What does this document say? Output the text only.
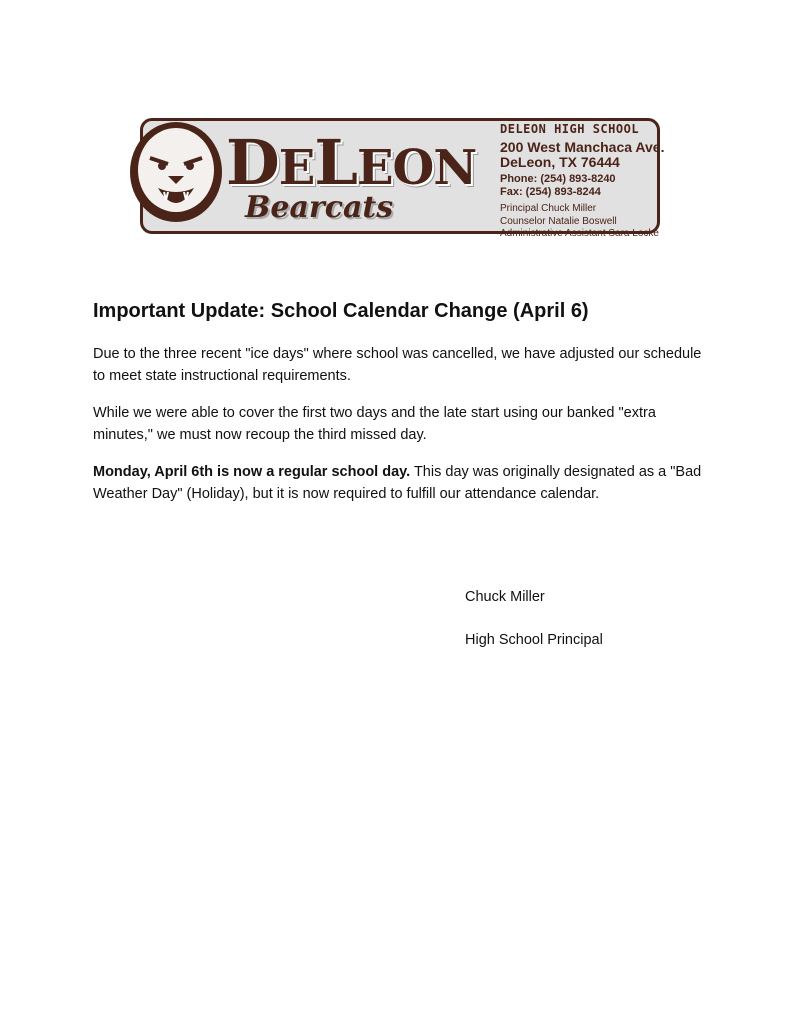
DELEON
Bearcats
DELEON HIGH SCHOOL
200 West Manchaca Ave.
DeLeon, TX 76444
Phone: (254) 893-8240
Fax: (254) 893-8244
Principal Chuck Miller
Counselor Natalie Boswell
Administrative Assistant Sara Locke
Important Update: School Calendar Change (April 6)

Due to the three recent "ice days" where school was cancelled, we have adjusted our schedule to meet state instructional requirements.

While we were able to cover the first two days and the late start using our banked "extra minutes," we must now recoup the third missed day.

Monday, April 6th is now a regular school day. This day was originally designated as a "Bad Weather Day" (Holiday), but it is now required to fulfill our attendance calendar.

Chuck Miller
High School Principal
